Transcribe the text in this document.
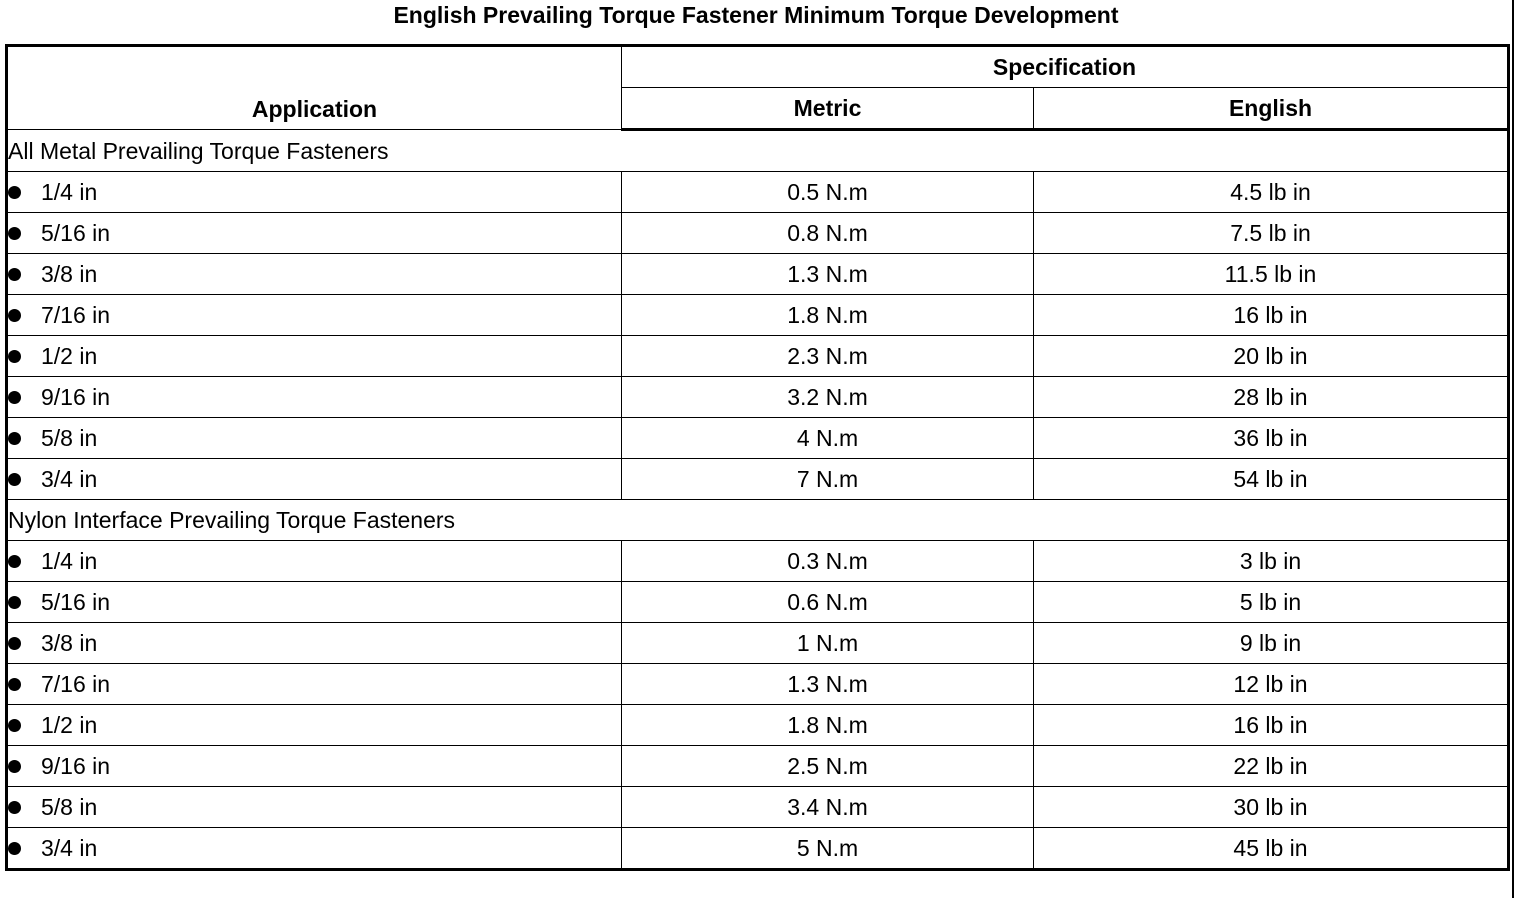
English Prevailing Torque Fastener Minimum Torque Development
Application	Specification	
	Metric	English
All Metal Prevailing Torque Fasteners		
1/4 in	0.5 N.m	4.5 lb in
5/16 in	0.8 N.m	7.5 lb in
3/8 in	1.3 N.m	11.5 lb in
7/16 in	1.8 N.m	16 lb in
1/2 in	2.3 N.m	20 lb in
9/16 in	3.2 N.m	28 lb in
5/8 in	4 N.m	36 lb in
3/4 in	7 N.m	54 lb in
Nylon Interface Prevailing Torque Fasteners		
1/4 in	0.3 N.m	3 lb in
5/16 in	0.6 N.m	5 lb in
3/8 in	1 N.m	9 lb in
7/16 in	1.3 N.m	12 lb in
1/2 in	1.8 N.m	16 lb in
9/16 in	2.5 N.m	22 lb in
5/8 in	3.4 N.m	30 lb in
3/4 in	5 N.m	45 lb in
